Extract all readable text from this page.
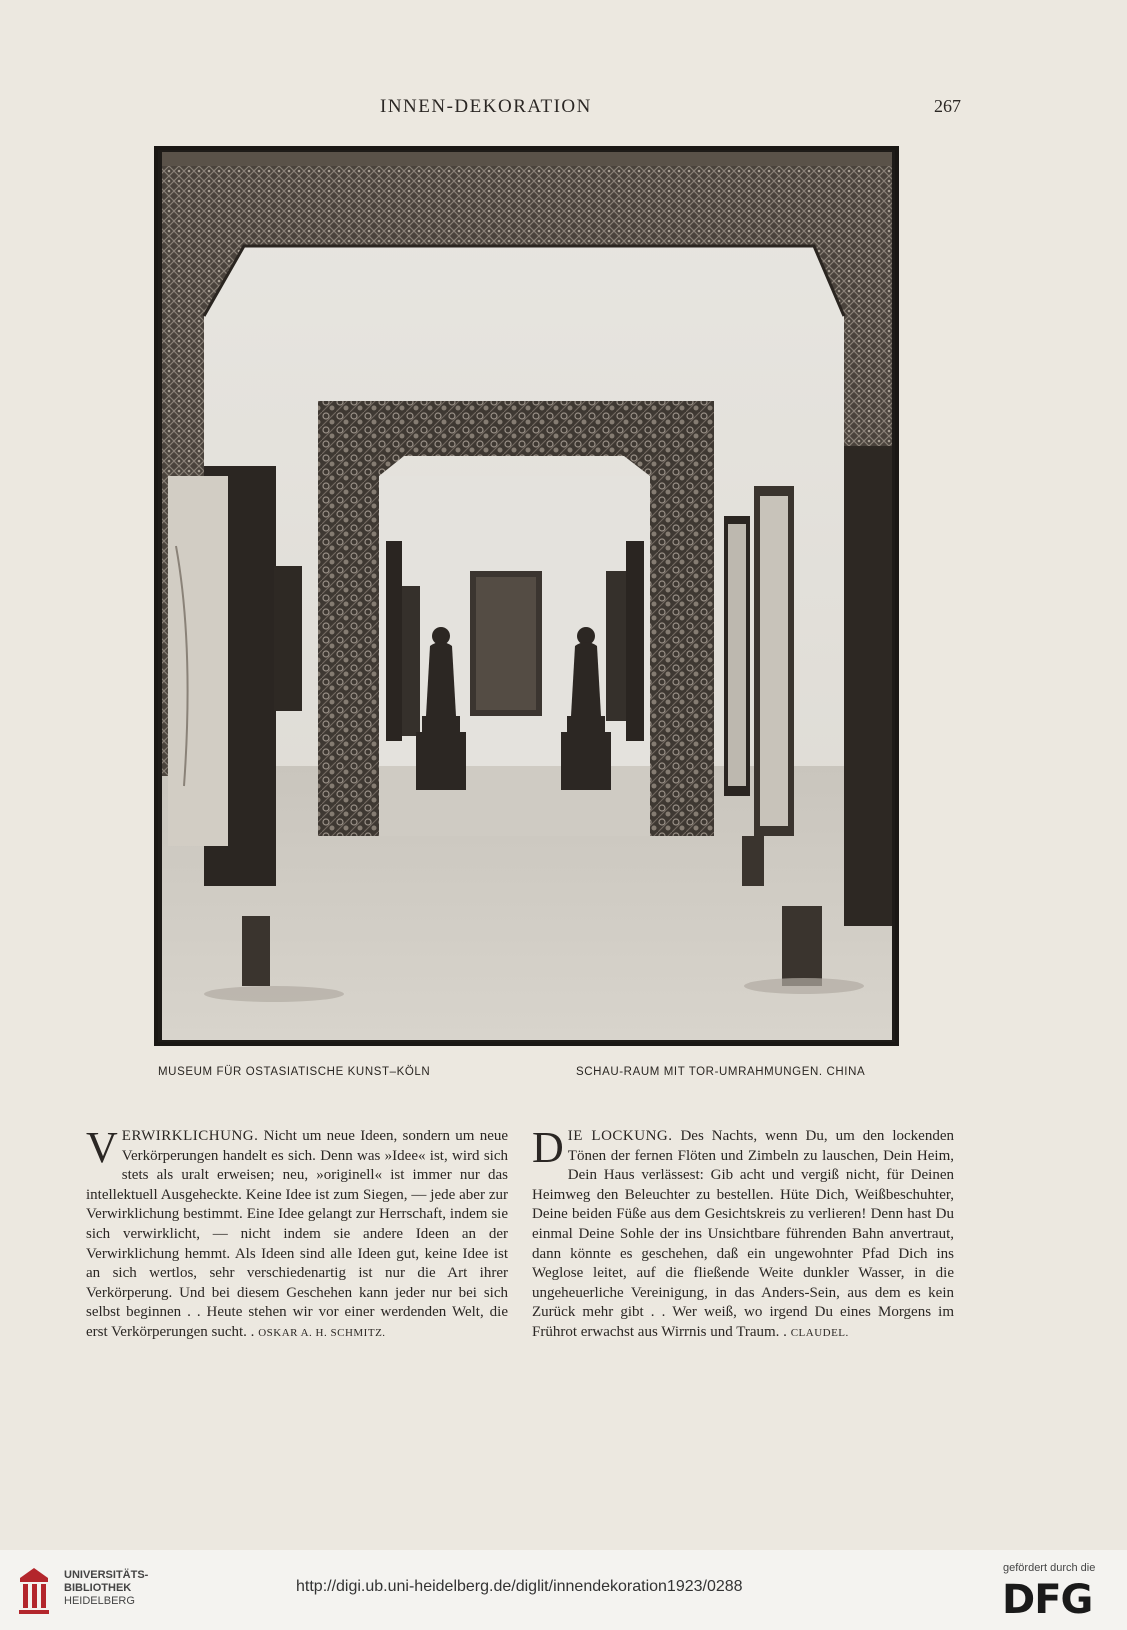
INNEN-DEKORATION	267
MUSEUM FÜR OSTASIATISCHE KUNST–KÖLN	SCHAU-RAUM MIT TOR-UMRAHMUNGEN. CHINA
VERWIRKLICHUNG. Nicht um neue Ideen, sondern um neue Verkörperungen handelt es sich. Denn was »Idee« ist, wird sich stets als uralt erweisen; neu, »originell« ist immer nur das intellektuell Ausgeheckte. Keine Idee ist zum Siegen, — jede aber zur Verwirklichung bestimmt. Eine Idee gelangt zur Herrschaft, indem sie sich verwirklicht, — nicht indem sie andere Ideen an der Verwirklichung hemmt. Als Ideen sind alle Ideen gut, keine Idee ist an sich wertlos, sehr verschiedenartig ist nur die Art ihrer Verkörperung. Und bei diesem Geschehen kann jeder nur bei sich selbst beginnen . . Heute stehen wir vor einer werdenden Welt, die erst Verkörperungen sucht. . OSKAR A. H. SCHMITZ.
DIE LOCKUNG. Des Nachts, wenn Du, um den lockenden Tönen der fernen Flöten und Zimbeln zu lauschen, Dein Heim, Dein Haus verlässest: Gib acht und vergiß nicht, für Deinen Heimweg den Beleuchter zu bestellen. Hüte Dich, Weißbeschuhter, Deine beiden Füße aus dem Gesichtskreis zu verlieren! Denn hast Du einmal Deine Sohle der ins Unsichtbare führenden Bahn anvertraut, dann könnte es geschehen, daß ein ungewohnter Pfad Dich ins Weglose leitet, auf die fließende Weite dunkler Wasser, in die ungeheuerliche Vereinigung, in das Anders-Sein, aus dem es kein Zurück mehr gibt . . Wer weiß, wo irgend Du eines Morgens im Frührot erwachst aus Wirrnis und Traum. . CLAUDEL.
UNIVERSITÄTS-
BIBLIOTHEK
HEIDELBERG
http://digi.ub.uni-heidelberg.de/diglit/innendekoration1923/0288
gefördert durch die
DFG
